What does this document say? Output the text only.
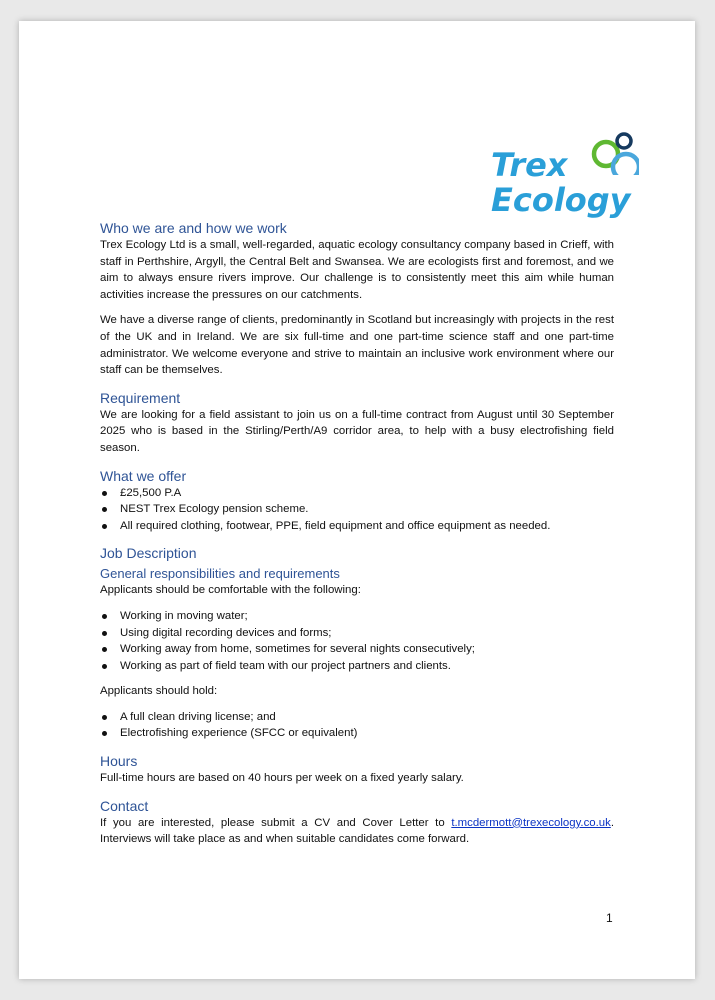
Trex
Ecology
Who we are and how we work

Trex Ecology Ltd is a small, well-regarded, aquatic ecology consultancy company based in Crieff, with staff in Perthshire, Argyll, the Central Belt and Swansea. We are ecologists first and foremost, and we aim to always ensure rivers improve. Our challenge is to consistently meet this aim while human activities increase the pressures on our catchments.

We have a diverse range of clients, predominantly in Scotland but increasingly with projects in the rest of the UK and in Ireland. We are six full-time and one part-time science staff and one part-time administrator. We welcome everyone and strive to maintain an inclusive work environment where our staff can be themselves.

Requirement

We are looking for a field assistant to join us on a full-time contract from August until 30 September 2025 who is based in the Stirling/Perth/A9 corridor area, to help with a busy electrofishing field season.

What we offer
£25,500 P.A
NEST Trex Ecology pension scheme.
All required clothing, footwear, PPE, field equipment and office equipment as needed.
Job Description
General responsibilities and requirements

Applicants should be comfortable with the following:

Working in moving water;
Using digital recording devices and forms;
Working away from home, sometimes for several nights consecutively;
Working as part of field team with our project partners and clients.

Applicants should hold:

A full clean driving license; and
Electrofishing experience (SFCC or equivalent)
Hours

Full-time hours are based on 40 hours per week on a fixed yearly salary.

Contact

If you are interested, please submit a CV and Cover Letter to t.mcdermott@trexecology.co.uk. Interviews will take place as and when suitable candidates come forward.

1
